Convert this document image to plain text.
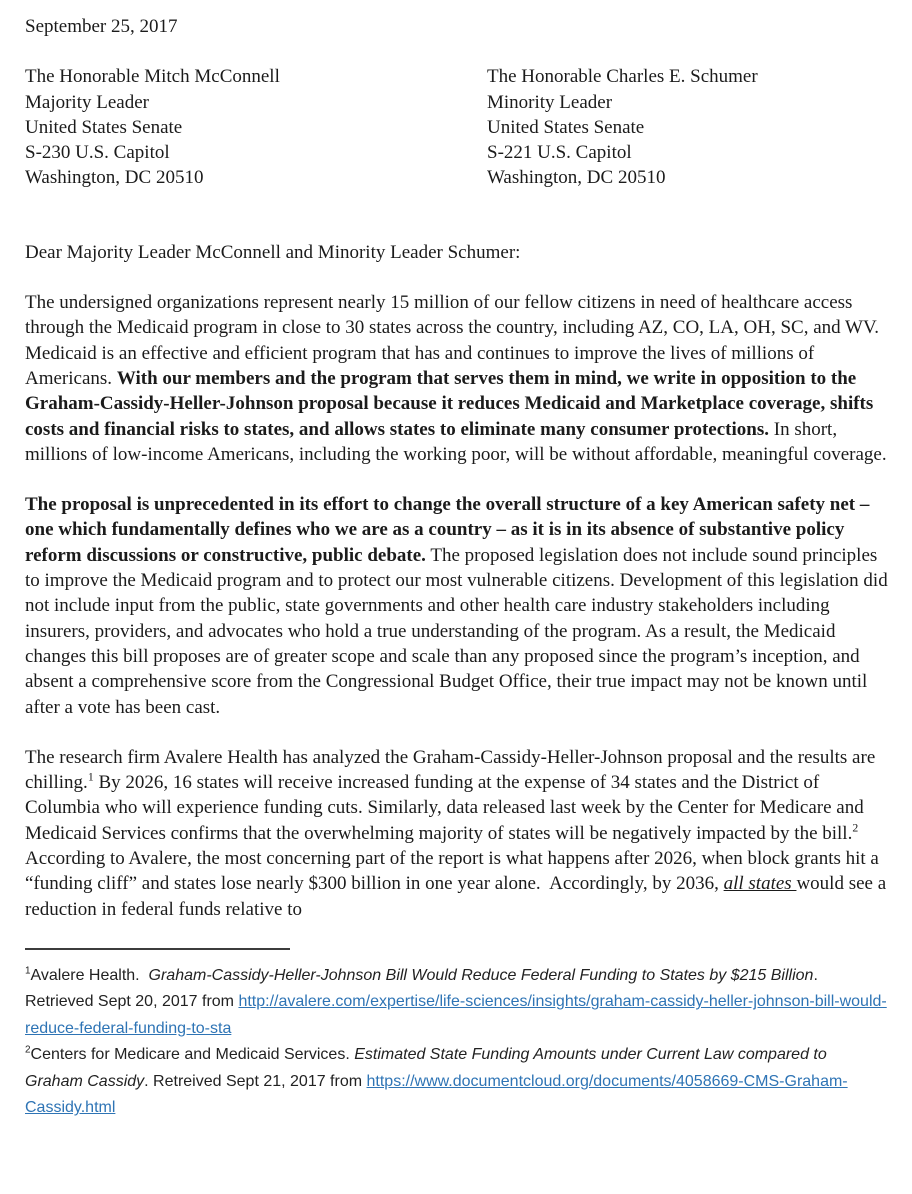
September 25, 2017
The Honorable Mitch McConnell
Majority Leader
United States Senate
S-230 U.S. Capitol
Washington, DC 20510
The Honorable Charles E. Schumer
Minority Leader
United States Senate
S-221 U.S. Capitol
Washington, DC 20510
Dear Majority Leader McConnell and Minority Leader Schumer:

The undersigned organizations represent nearly 15 million of our fellow citizens in need of healthcare access through the Medicaid program in close to 30 states across the country, including AZ, CO, LA, OH, SC, and WV. Medicaid is an effective and efficient program that has and continues to improve the lives of millions of Americans. With our members and the program that serves them in mind, we write in opposition to the Graham-Cassidy-Heller-Johnson proposal because it reduces Medicaid and Marketplace coverage, shifts costs and financial risks to states, and allows states to eliminate many consumer protections. In short, millions of low-income Americans, including the working poor, will be without affordable, meaningful coverage.

The proposal is unprecedented in its effort to change the overall structure of a key American safety net – one which fundamentally defines who we are as a country – as it is in its absence of substantive policy reform discussions or constructive, public debate. The proposed legislation does not include sound principles to improve the Medicaid program and to protect our most vulnerable citizens. Development of this legislation did not include input from the public, state governments and other health care industry stakeholders including insurers, providers, and advocates who hold a true understanding of the program. As a result, the Medicaid changes this bill proposes are of greater scope and scale than any proposed since the program’s inception, and absent a comprehensive score from the Congressional Budget Office, their true impact may not be known until after a vote has been cast.

The research firm Avalere Health has analyzed the Graham-Cassidy-Heller-Johnson proposal and the results are chilling.$^1$ By 2026, 16 states will receive increased funding at the expense of 34 states and the District of Columbia who will experience funding cuts. Similarly, data released last week by the Center for Medicare and Medicaid Services confirms that the overwhelming majority of states will be negatively impacted by the bill.$^2$ According to Avalere, the most concerning part of the report is what happens after 2026, when block grants hit a “funding cliff” and states lose nearly $300 billion in one year alone.  Accordingly, by 2036, all states would see a reduction in federal funds relative to

$^1$Avalere Health.  Graham-Cassidy-Heller-Johnson Bill Would Reduce Federal Funding to States by $215 Billion. Retrieved Sept 20, 2017 from http://avalere.com/expertise/life-sciences/insights/graham-cassidy-heller-johnson-bill-would-reduce-federal-funding-to-sta
$^2$Centers for Medicare and Medicaid Services. Estimated State Funding Amounts under Current Law compared to Graham Cassidy. Retreived Sept 21, 2017 from https://www.documentcloud.org/documents/4058669-CMS-Graham-Cassidy.html
